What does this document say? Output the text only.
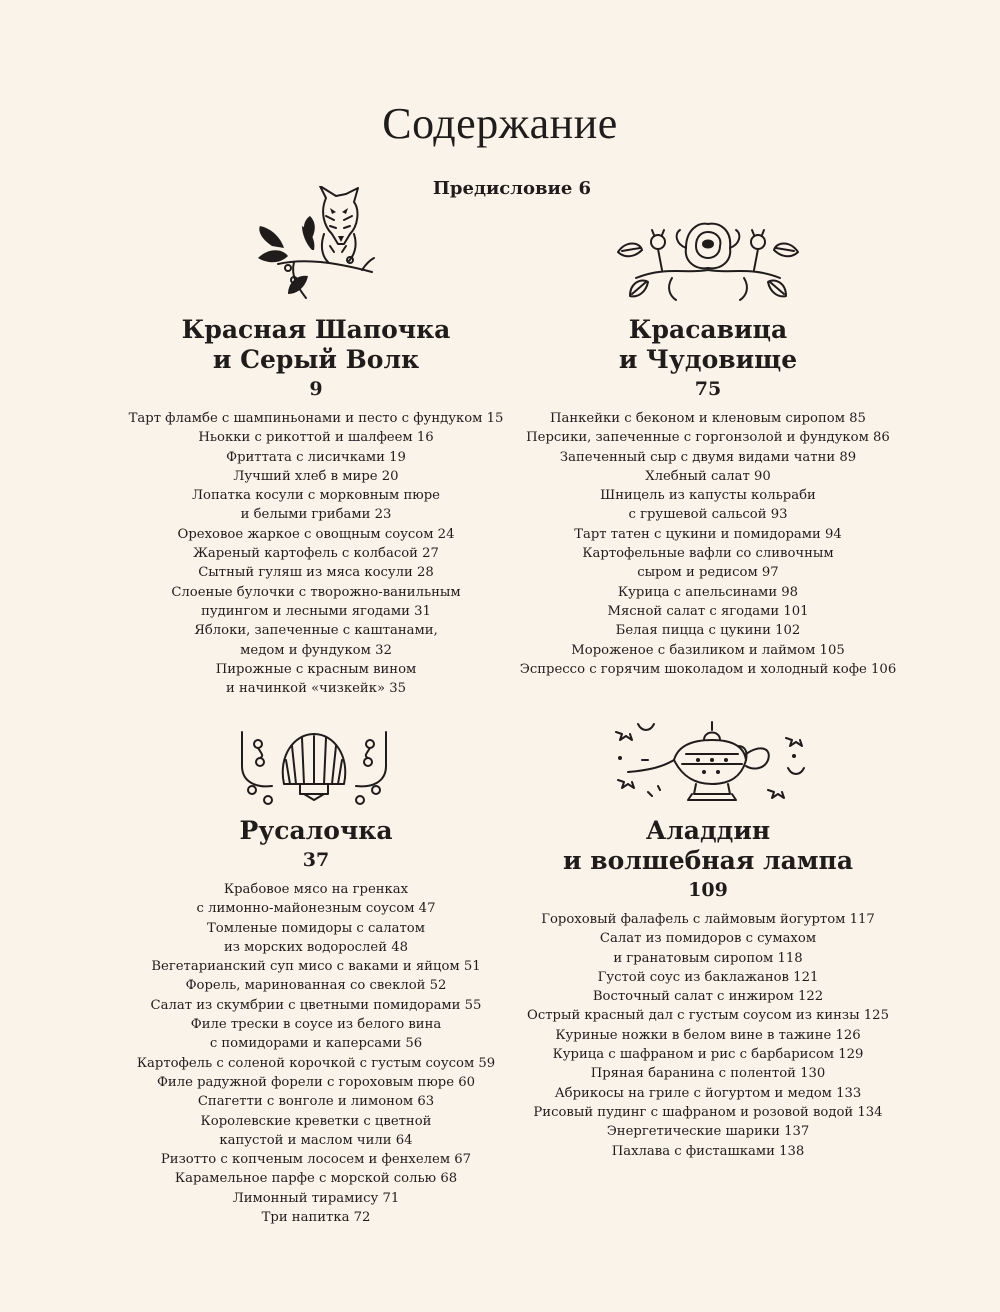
Содержание
Предисловие 6
Красная Шапочка
и Серый Волк
9
Тарт фламбе с шампиньонами и песто с фундуком 15
Ньокки с рикоттой и шалфеем 16
Фриттата с лисичками 19
Лучший хлеб в мире 20
Лопатка косули с морковным пюре
и белыми грибами 23
Ореховое жаркое с овощным соусом 24
Жареный картофель с колбасой 27
Сытный гуляш из мяса косули 28
Слоеные булочки с творожно-ванильным
пудингом и лесными ягодами 31
Яблоки, запеченные с каштанами,
медом и фундуком 32
Пирожные с красным вином
и начинкой «чизкейк» 35
Красавица
и Чудовище
75
Панкейки с беконом и кленовым сиропом 85
Персики, запеченные с горгонзолой и фундуком 86
Запеченный сыр с двумя видами чатни 89
Хлебный салат 90
Шницель из капусты кольраби
с грушевой сальсой 93
Тарт татен с цукини и помидорами 94
Картофельные вафли со сливочным
сыром и редисом 97
Курица с апельсинами 98
Мясной салат с ягодами 101
Белая пицца с цукини 102
Мороженое с базиликом и лаймом 105
Эспрессо с горячим шоколадом и холодный кофе 106
Русалочка
37
Крабовое мясо на гренках
с лимонно-майонезным соусом 47
Томленые помидоры с салатом
из морских водорослей 48
Вегетарианский суп мисо с ваками и яйцом 51
Форель, маринованная со свеклой 52
Салат из скумбрии с цветными помидорами 55
Филе трески в соусе из белого вина
с помидорами и каперсами 56
Картофель с соленой корочкой с густым соусом 59
Филе радужной форели с гороховым пюре 60
Спагетти с вонголе и лимоном 63
Королевские креветки с цветной
капустой и маслом чили 64
Ризотто с копченым лососем и фенхелем 67
Карамельное парфе с морской солью 68
Лимонный тирамису 71
Три напитка 72
Аладдин
и волшебная лампа
109
Гороховый фалафель с лаймовым йогуртом 117
Салат из помидоров с сумахом
и гранатовым сиропом 118
Густой соус из баклажанов 121
Восточный салат с инжиром 122
Острый красный дал с густым соусом из кинзы 125
Куриные ножки в белом вине в тажине 126
Курица с шафраном и рис с барбарисом 129
Пряная баранина с полентой 130
Абрикосы на гриле с йогуртом и медом 133
Рисовый пудинг с шафраном и розовой водой 134
Энергетические шарики 137
Пахлава с фисташками 138
